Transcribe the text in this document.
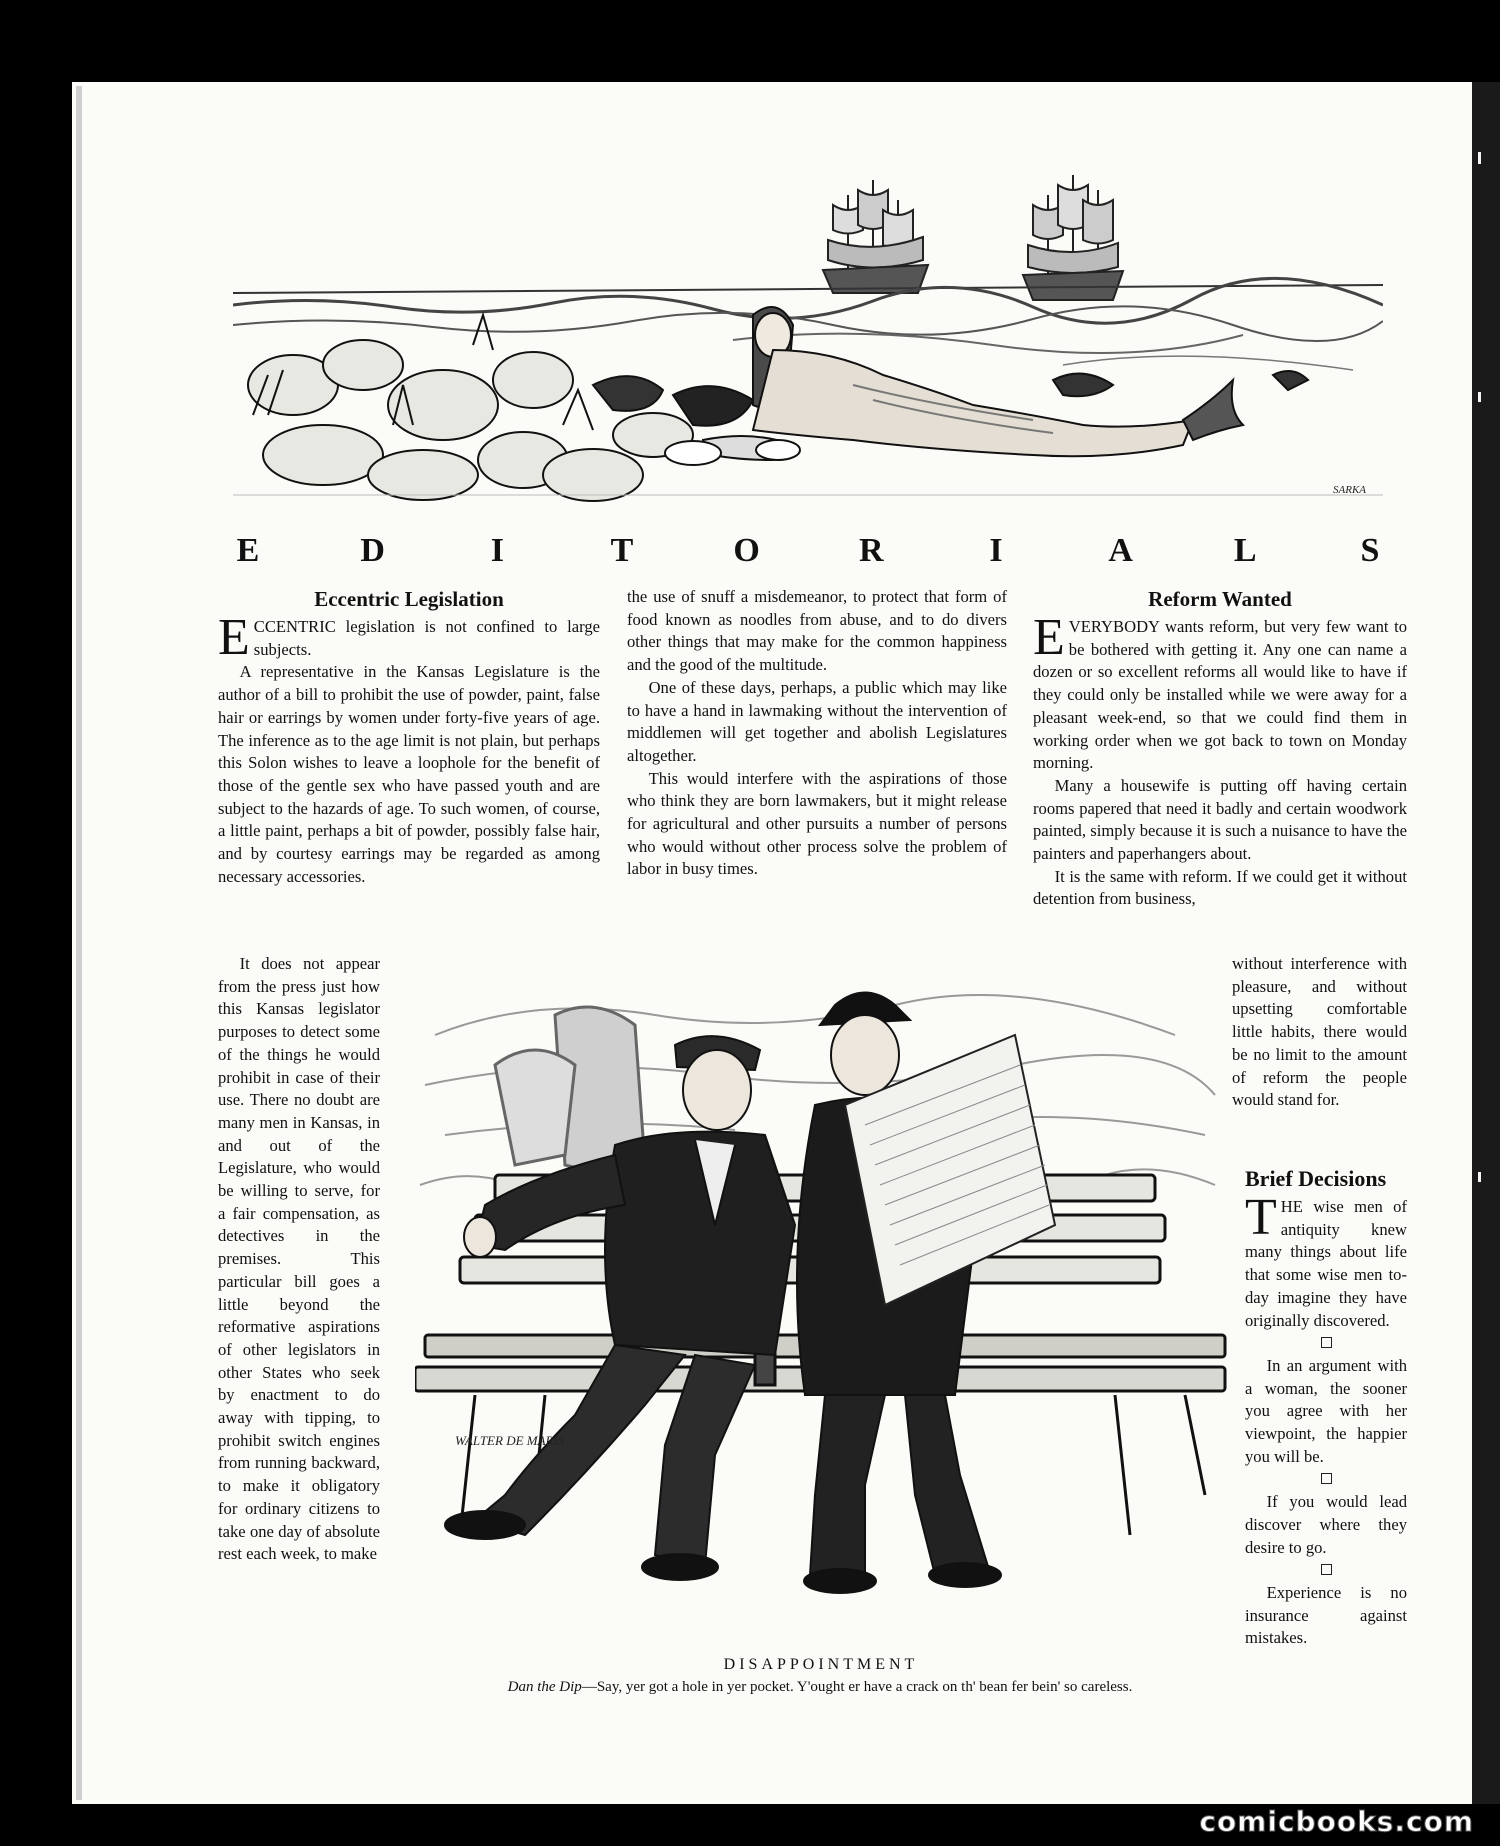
SARKA
E	D	I	T	O	R	I	A	L	S
Eccentric Legislation

ECCENTRIC legislation is not confined to large subjects.

A representative in the Kansas Legislature is the author of a bill to prohibit the use of powder, paint, false hair or earrings by women under forty-five years of age. The inference as to the age limit is not plain, but perhaps this Solon wishes to leave a loophole for the benefit of those of the gentle sex who have passed youth and are subject to the hazards of age. To such women, of course, a little paint, perhaps a bit of powder, possibly false hair, and by courtesy earrings may be regarded as among necessary accessories.

It does not appear from the press just how this Kansas legislator purposes to detect some of the things he would prohibit in case of their use. There no doubt are many men in Kansas, in and out of the Legislature, who would be willing to serve, for a fair compensation, as detectives in the premises. This particular bill goes a little beyond the reformative aspirations of other legislators in other States who seek by enactment to do away with tipping, to prohibit switch engines from running backward, to make it obligatory for ordinary citizens to take one day of absolute rest each week, to make

the use of snuff a misdemeanor, to protect that form of food known as noodles from abuse, and to do divers other things that may make for the common happiness and the good of the multitude.

One of these days, perhaps, a public which may like to have a hand in lawmaking without the intervention of middlemen will get together and abolish Legislatures altogether.

This would interfere with the aspirations of those who think they are born lawmakers, but it might release for agricultural and other pursuits a number of persons who would without other process solve the problem of labor in busy times.

Reform Wanted

EVERYBODY wants reform, but very few want to be bothered with getting it. Any one can name a dozen or so excellent reforms all would like to have if they could only be installed while we were away for a pleasant week-end, so that we could find them in working order when we got back to town on Monday morning.

Many a housewife is putting off having certain rooms papered that need it badly and certain woodwork painted, simply because it is such a nuisance to have the painters and paperhangers about.

It is the same with reform. If we could get it without detention from business,

without interference with pleasure, and without upsetting comfortable little habits, there would be no limit to the amount of reform the people would stand for.

Brief Decisions

THE wise men of antiquity knew many things about life that some wise men to-day imagine they have originally discovered.

In an argument with a woman, the sooner you agree with her viewpoint, the happier you will be.

If you would lead discover where they desire to go.

Experience is no insurance against mistakes.

WALTER DE MARIS
DISAPPOINTMENT
Dan the Dip—Say, yer got a hole in yer pocket. Y'ought er have a crack on th' bean fer bein' so careless.
comicbooks.com
